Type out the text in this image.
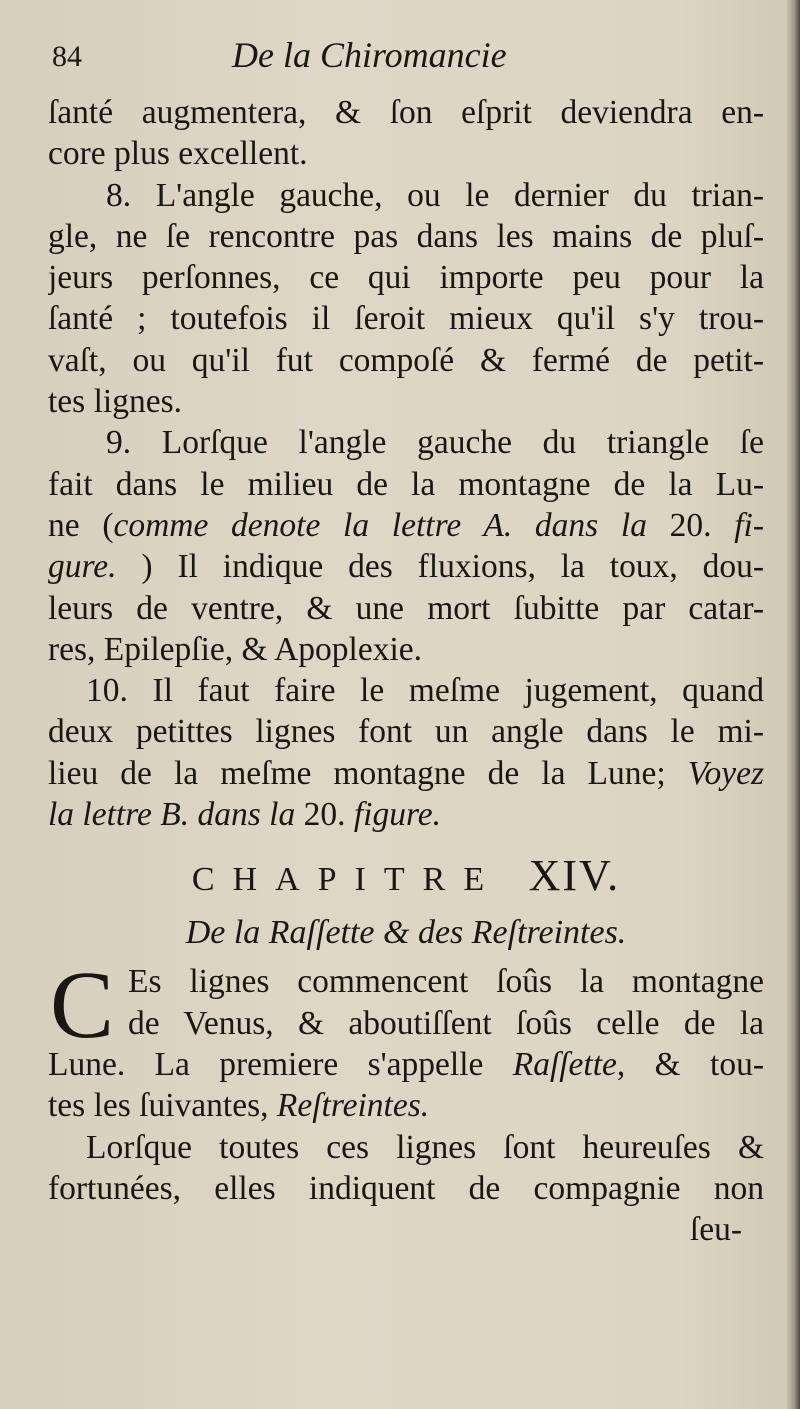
84	De la Chiromancie
ſanté augmentera, & ſon eſprit deviendra en-
core plus excellent.
8. L'angle gauche, ou le dernier du trian-
gle, ne ſe rencontre pas dans les mains de pluſ-
jeurs perſonnes, ce qui importe peu pour la
ſanté ; toutefois il ſeroit mieux qu'il s'y trou-
vaſt, ou qu'il fut compoſé & fermé de petit-
tes lignes.
9. Lorſque l'angle gauche du triangle ſe
fait dans le milieu de la montagne de la Lu-
ne (comme denote la lettre A. dans la 20. fi-
gure. ) Il indique des fluxions, la toux, dou-
leurs de ventre, & une mort ſubitte par catar-
res, Epilepſie, & Apoplexie.
10. Il faut faire le meſme jugement, quand
deux petittes lignes font un angle dans le mi-
lieu de la meſme montagne de la Lune; Voyez
la lettre B. dans la 20. figure.
CHAPITRE XIV.
De la Raſſette & des Reſtreintes.
C Es lignes commencent ſoûs la montagne
de Venus, & aboutiſſent ſoûs celle de la
Lune. La premiere s'appelle Raſſette, & tou-
tes les ſuivantes, Reſtreintes.
Lorſque toutes ces lignes ſont heureuſes &
fortunées, elles indiquent de compagnie non
ſeu-
